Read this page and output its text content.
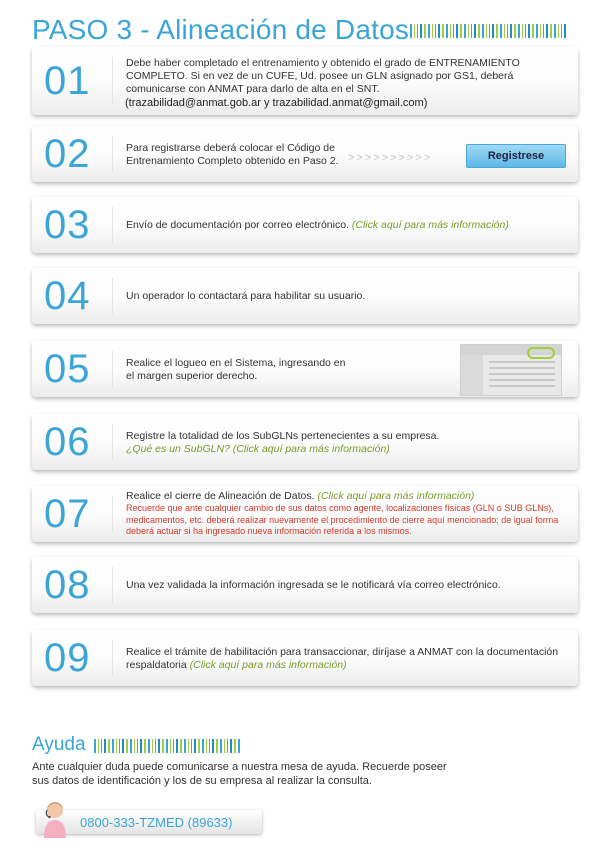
PASO 3 - Alineación de Datos
01	Debe haber completado el entrenamiento y obtenido el grado de ENTRENAMIENTO COMPLETO. Si en vez de un CUFE, Ud. posee un GLN asignado por GS1, deberá comunicarse con ANMAT para darlo de alta en el SNT.
(trazabilidad@anmat.gob.ar y trazabilidad.anmat@gmail.com)
02	Para registrarse deberá colocar el Código de Entrenamiento Completo obtenido en Paso 2. >>>>>>>>>>	Registrese
03	Envío de documentación por correo electrónico. (Click aquí para más información)
04	Un operador lo contactará para habilitar su usuario.
05	Realice el logueo en el Sistema, ingresando en el margen superior derecho.
06	Registre la totalidad de los SubGLNs pertenecientes a su empresa.
¿Qué es un SubGLN? (Click aquí para más información)
07	Realice el cierre de Alineación de Datos. (Click aquí para más información)
Recuerde que ante cualquier cambio de sus datos como agente, localizaciones físicas (GLN o SUB GLNs), medicamentos, etc. deberá realizar nuevamente el procedimiento de cierre aquí mencionado; de igual forma deberá actuar si ha ingresado nueva información referida a los mismos.
08	Una vez validada la información ingresada se le notificará vía correo electrónico.
09	Realice el trámite de habilitación para transaccionar, diríjase a ANMAT con la documentación respaldatoria (Click aquí para más información)
Ayuda
Ante cualquier duda puede comunicarse a nuestra mesa de ayuda. Recuerde poseer sus datos de identificación y los de su empresa al realizar la consulta.
0800-333-TZMED (89633)
